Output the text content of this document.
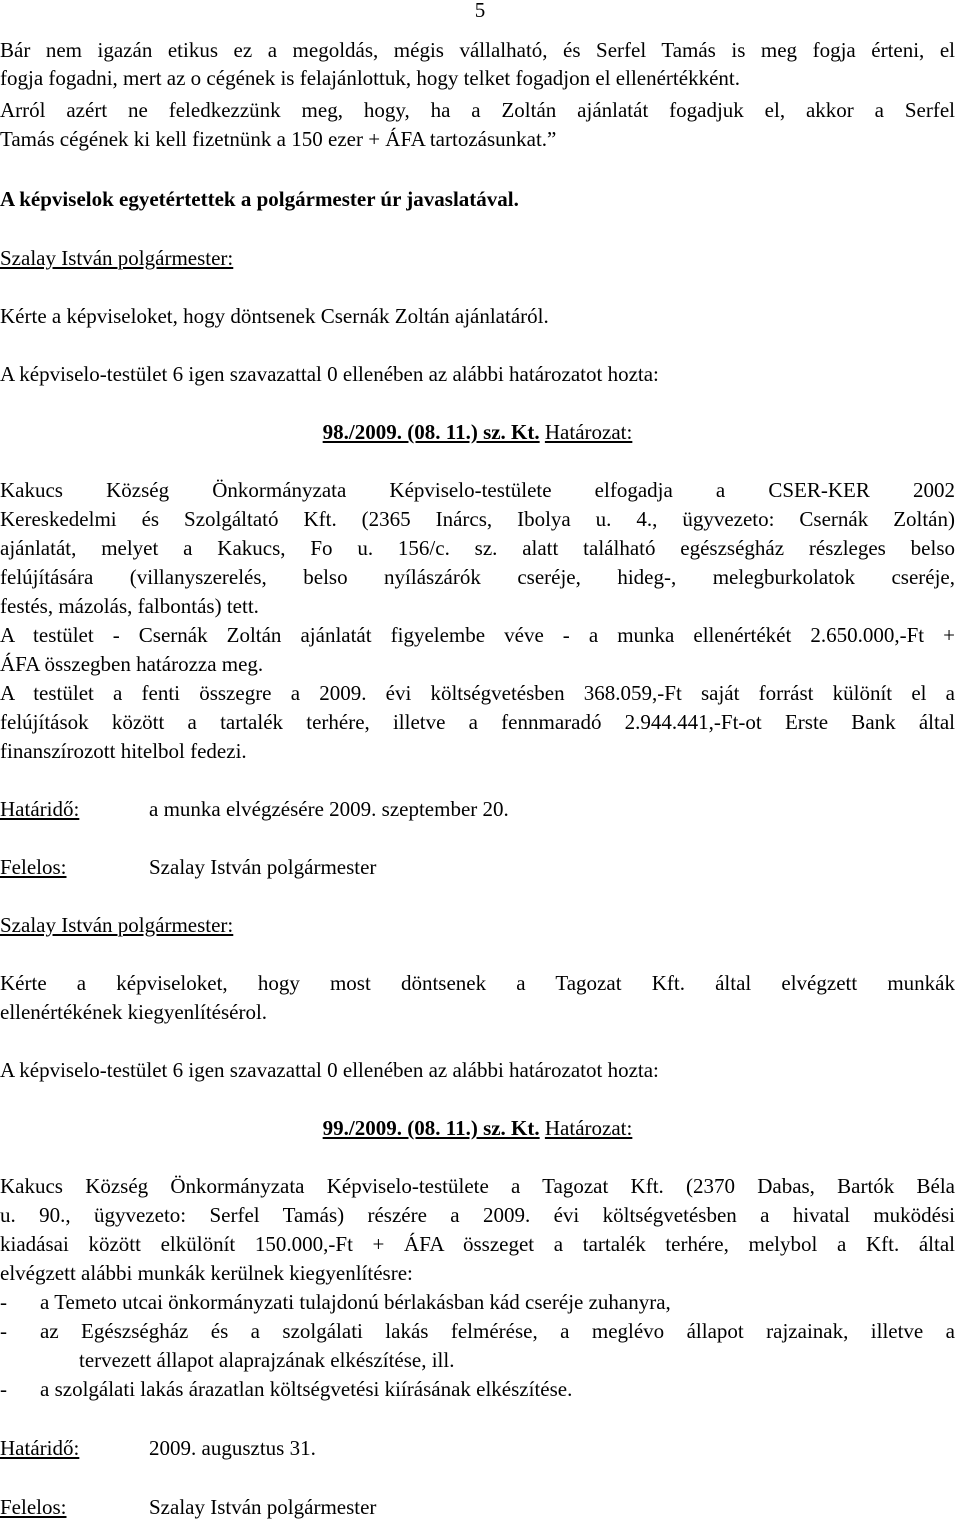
5
Bár nem igazán etikus ez a megoldás, mégis vállalható, és Serfel Tamás is meg fogja érteni, el
fogja fogadni, mert az o cégének is felajánlottuk, hogy telket fogadjon el ellenértékként.
Arról azért ne feledkezzünk meg, hogy, ha a Zoltán ajánlatát fogadjuk el, akkor a Serfel
Tamás cégének ki kell fizetnünk a 150 ezer + ÁFA tartozásunkat.”
A képviselok egyetértettek a polgármester úr javaslatával.
Szalay István polgármester:
Kérte a képviseloket, hogy döntsenek Csernák Zoltán ajánlatáról.
A képviselo-testület 6 igen szavazattal 0 ellenében az alábbi határozatot hozta:
98./2009. (08. 11.) sz. Kt. Határozat:
Kakucs Község Önkormányzata Képviselo-testülete elfogadja a CSER-KER 2002
Kereskedelmi és Szolgáltató Kft. (2365 Inárcs, Ibolya u. 4., ügyvezeto: Csernák Zoltán)
ajánlatát, melyet a Kakucs, Fo u. 156/c. sz. alatt található egészségház részleges belso
felújítására (villanyszerelés, belso nyílászárók cseréje, hideg-, melegburkolatok cseréje,
festés, mázolás, falbontás) tett.
A testület - Csernák Zoltán ajánlatát figyelembe véve - a munka ellenértékét 2.650.000,-Ft +
ÁFA összegben határozza meg.
A testület a fenti összegre a 2009. évi költségvetésben 368.059,-Ft saját forrást különít el a
felújítások között a tartalék terhére, illetve a fennmaradó 2.944.441,-Ft-ot Erste Bank által
finanszírozott hitelbol fedezi.
Határidő:	a munka elvégzésére 2009. szeptember 20.
Felelos:	Szalay István polgármester
Szalay István polgármester:
Kérte a képviseloket, hogy most döntsenek a Tagozat Kft. által elvégzett munkák
ellenértékének kiegyenlítésérol.
A képviselo-testület 6 igen szavazattal 0 ellenében az alábbi határozatot hozta:
99./2009. (08. 11.) sz. Kt. Határozat:
Kakucs Község Önkormányzata Képviselo-testülete a Tagozat Kft. (2370 Dabas, Bartók Béla
u. 90., ügyvezeto: Serfel Tamás) részére a 2009. évi költségvetésben a hivatal muködési
kiadásai között elkülönít 150.000,-Ft + ÁFA összeget a tartalék terhére, melybol a Kft. által
elvégzett alábbi munkák kerülnek kiegyenlítésre:
- a Temeto utcai önkormányzati tulajdonú bérlakásban kád cseréje zuhanyra,
- az Egészségház és a szolgálati lakás felmérése, a meglévo állapot rajzainak, illetve a
tervezett állapot alaprajzának elkészítése, ill.
- a szolgálati lakás árazatlan költségvetési kiírásának elkészítése.
Határidő:	2009. augusztus 31.
Felelos:	Szalay István polgármester
